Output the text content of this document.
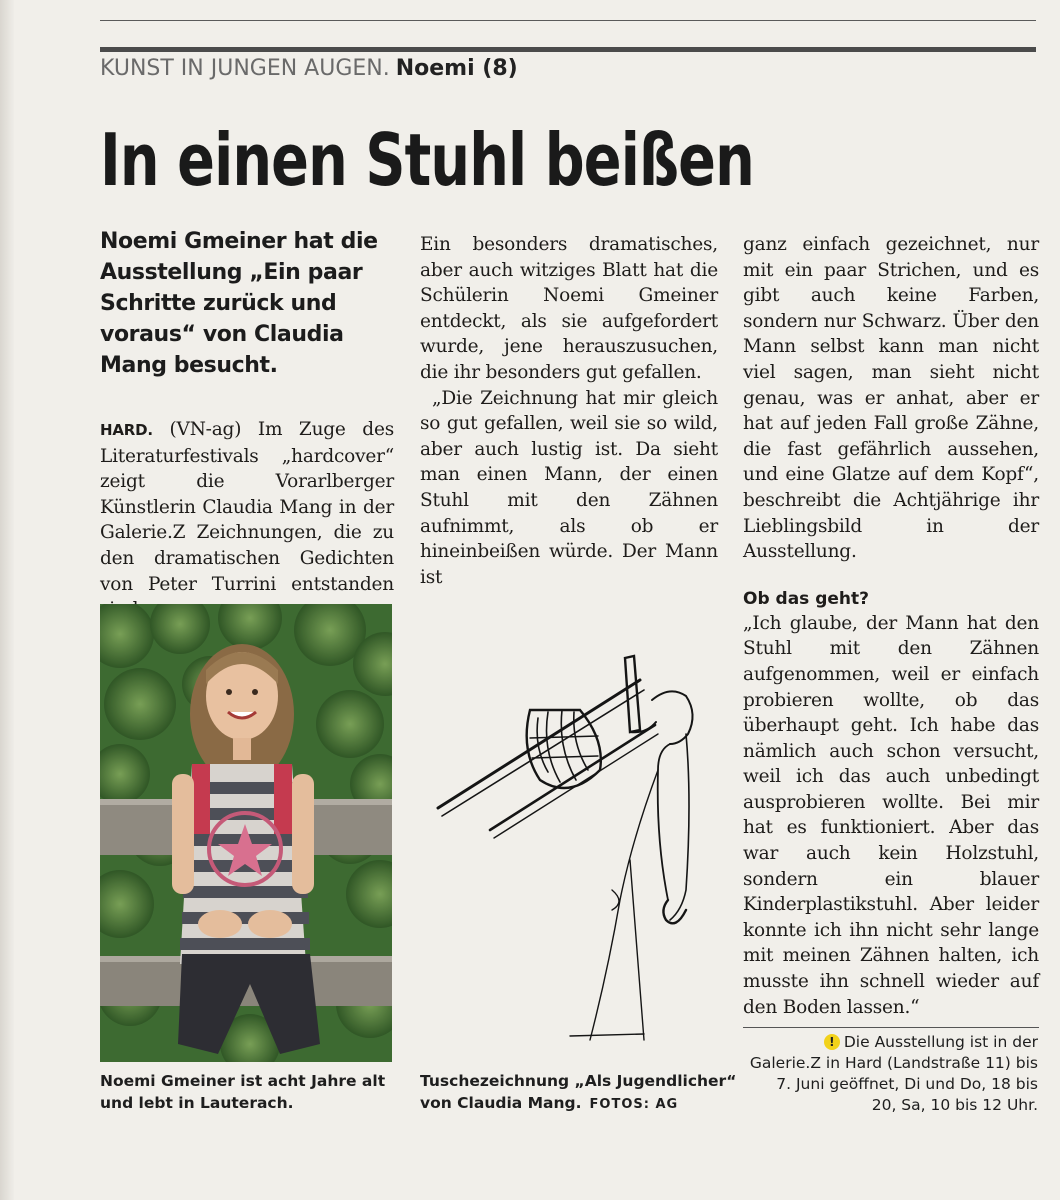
KUNST IN JUNGEN AUGEN. Noemi (8)
In einen Stuhl beißen

Noemi Gmeiner hat die Ausstellung „Ein paar Schritte zurück und voraus“ von Claudia Mang besucht.

HARD. (VN-ag) Im Zuge des Literaturfestivals „hardcover“ zeigt die Vorarlberger Künstlerin Claudia Mang in der Galerie.Z Zeichnungen, die zu den dramatischen Gedichten von Peter Turrini entstanden

Noemi Gmeiner ist acht Jahre alt und lebt in Lauterach.

Ein besonders dramatisches, aber auch witziges Blatt hat die Schülerin Noemi Gmeiner entdeckt, als sie aufgefordert wurde, jene herauszusuchen, die ihr besonders gut gefallen.

„Die Zeichnung hat mir gleich so gut gefallen, weil sie so wild, aber auch lustig ist. Da sieht man einen Mann, der einen Stuhl mit den Zähnen aufnimmt, als ob er hineinbeißen würde. Der Mann ist

Tuschezeichnung „Als Jugendlicher“ von Claudia Mang. FOTOS: AG

ganz einfach gezeichnet, nur mit ein paar Strichen, und es gibt auch keine Farben, sondern nur Schwarz. Über den Mann selbst kann man nicht viel sagen, man sieht nicht genau, was er anhat, aber er hat auf jeden Fall große Zähne, die fast gefährlich aussehen, und eine Glatze auf dem Kopf“, beschreibt die Achtjährige ihr Lieblingsbild in der Ausstellung.

Ob das geht?

„Ich glaube, der Mann hat den Stuhl mit den Zähnen aufgenommen, weil er einfach probieren wollte, ob das überhaupt geht. Ich habe das nämlich auch schon versucht, weil ich das auch unbedingt ausprobieren wollte. Bei mir hat es funktioniert. Aber das war auch kein Holzstuhl, sondern ein blauer Kinderplastikstuhl. Aber leider konnte ich ihn nicht sehr lange mit meinen Zähnen halten, ich musste ihn schnell wieder auf den Boden lassen.“

! Die Ausstellung ist in der Galerie.Z in Hard (Landstraße 11) bis 7. Juni geöffnet, Di und Do, 18 bis 20, Sa, 10 bis 12 Uhr.
